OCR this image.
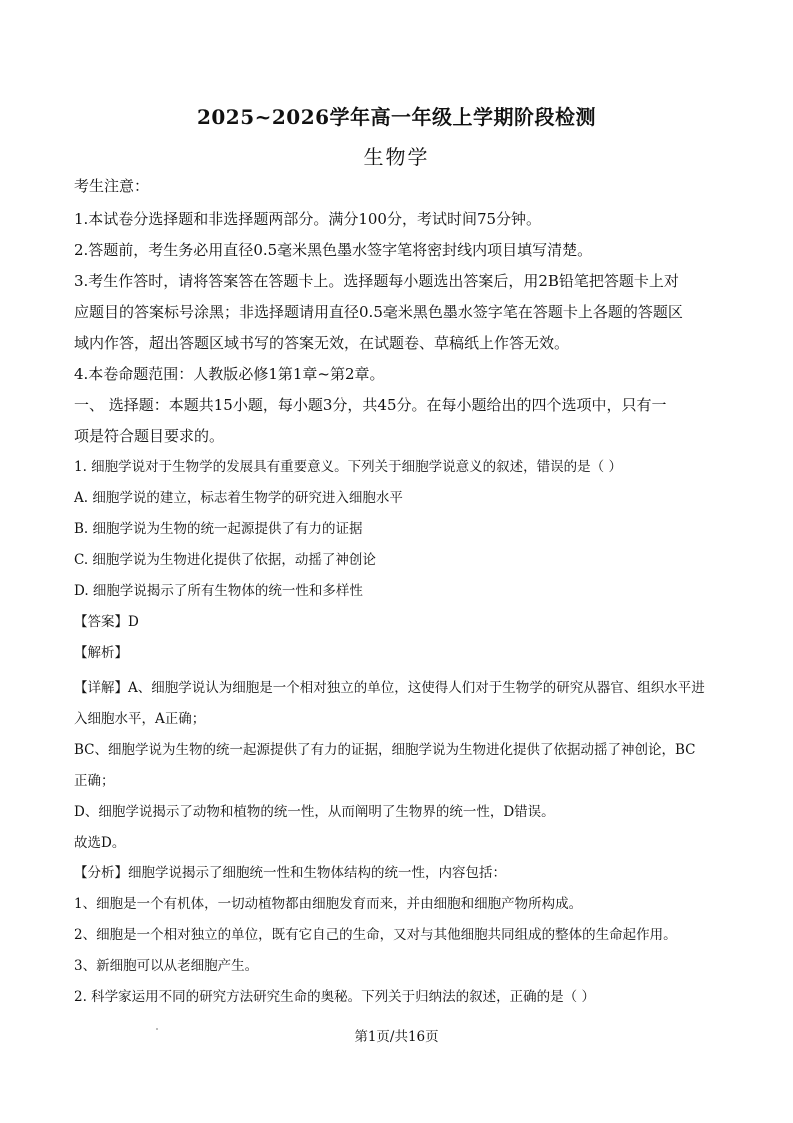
2025~2026学年高一年级上学期阶段检测
生物学
考生注意：
1.本试卷分选择题和非选择题两部分。满分100分，考试时间75分钟。
2.答题前，考生务必用直径0.5毫米黑色墨水签字笔将密封线内项目填写清楚。
3.考生作答时，请将答案答在答题卡上。选择题每小题选出答案后，用2B铅笔把答题卡上对
应题目的答案标号涂黑；非选择题请用直径0.5毫米黑色墨水签字笔在答题卡上各题的答题区
域内作答，超出答题区域书写的答案无效，在试题卷、草稿纸上作答无效。
4.本卷命题范围：人教版必修1第1章~第2章。
一、 选择题：本题共15小题，每小题3分，共45分。在每小题给出的四个选项中，只有一
项是符合题目要求的。
1. 细胞学说对于生物学的发展具有重要意义。下列关于细胞学说意义的叙述，错误的是（ ）
A. 细胞学说的建立，标志着生物学的研究进入细胞水平
B. 细胞学说为生物的统一起源提供了有力的证据
C. 细胞学说为生物进化提供了依据，动摇了神创论
D. 细胞学说揭示了所有生物体的统一性和多样性
【答案】D
【解析】
【详解】A、细胞学说认为细胞是一个相对独立的单位，这使得人们对于生物学的研究从器官、组织水平进
入细胞水平，A正确；
BC、细胞学说为生物的统一起源提供了有力的证据，细胞学说为生物进化提供了依据动摇了神创论，BC
正确；
D、细胞学说揭示了动物和植物的统一性，从而阐明了生物界的统一性，D错误。
故选D。
【分析】细胞学说揭示了细胞统一性和生物体结构的统一性，内容包括：
1、细胞是一个有机体，一切动植物都由细胞发育而来，并由细胞和细胞产物所构成。
2、细胞是一个相对独立的单位，既有它自己的生命，又对与其他细胞共同组成的整体的生命起作用。
3、新细胞可以从老细胞产生。
2. 科学家运用不同的研究方法研究生命的奥秘。下列关于归纳法的叙述，正确的是（ ）
第1页/共16页
